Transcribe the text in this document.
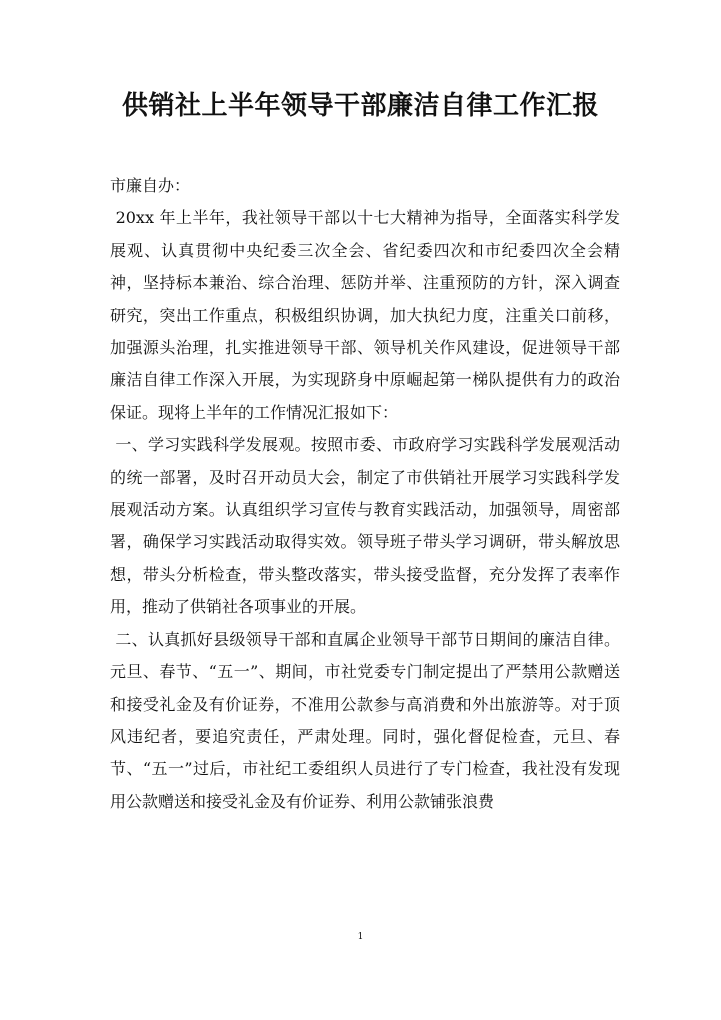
供销社上半年领导干部廉洁自律工作汇报

市廉自办：

20xx 年上半年，我社领导干部以十七大精神为指导，全面落实科学发展观、认真贯彻中央纪委三次全会、省纪委四次和市纪委四次全会精神，坚持标本兼治、综合治理、惩防并举、注重预防的方针，深入调查研究，突出工作重点，积极组织协调，加大执纪力度，注重关口前移，加强源头治理，扎实推进领导干部、领导机关作风建设，促进领导干部廉洁自律工作深入开展，为实现跻身中原崛起第一梯队提供有力的政治保证。现将上半年的工作情况汇报如下：

一、学习实践科学发展观。按照市委、市政府学习实践科学发展观活动的统一部署，及时召开动员大会，制定了市供销社开展学习实践科学发展观活动方案。认真组织学习宣传与教育实践活动，加强领导，周密部署，确保学习实践活动取得实效。领导班子带头学习调研，带头解放思想，带头分析检查，带头整改落实，带头接受监督，充分发挥了表率作用，推动了供销社各项事业的开展。

二、认真抓好县级领导干部和直属企业领导干部节日期间的廉洁自律。元旦、春节、“五一”、期间，市社党委专门制定提出了严禁用公款赠送和接受礼金及有价证券，不准用公款参与高消费和外出旅游等。对于顶风违纪者，要追究责任，严肃处理。同时，强化督促检查，元旦、春节、“五一”过后，市社纪工委组织人员进行了专门检查，我社没有发现用公款赠送和接受礼金及有价证券、利用公款铺张浪费

1
